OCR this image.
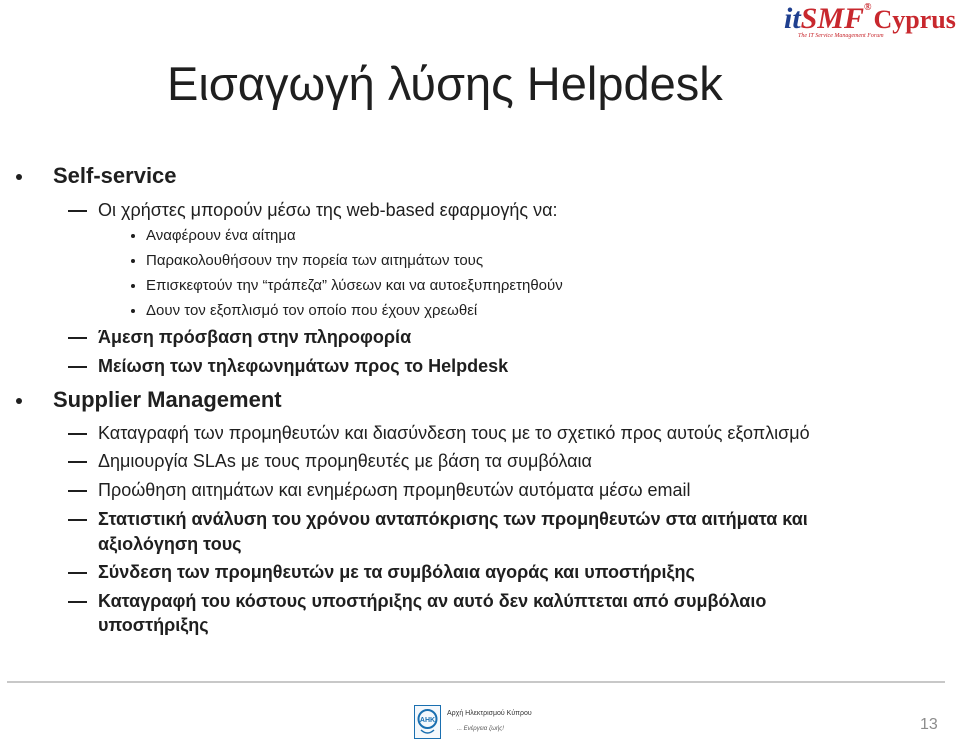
itSMF®Cyprus
The IT Service Management Forum
Εισαγωγή λύσης Helpdesk
Self-service
Οι χρήστες μπορούν μέσω της web-based εφαρμογής να:
Αναφέρουν ένα αίτημα
Παρακολουθήσουν την πορεία των αιτημάτων τους
Επισκεφτούν την “τράπεζα” λύσεων και να αυτοεξυπηρετηθούν
Δουν τον εξοπλισμό τον οποίο που έχουν χρεωθεί
Άμεση πρόσβαση στην πληροφορία
Μείωση των τηλεφωνημάτων προς το Helpdesk
Supplier Management
Καταγραφή των προμηθευτών και διασύνδεση τους με το σχετικό προς αυτούς εξοπλισμό
Δημιουργία SLAs με τους προμηθευτές με βάση τα συμβόλαια
Προώθηση αιτημάτων και ενημέρωση προμηθευτών αυτόματα μέσω email
Στατιστική ανάλυση του χρόνου ανταπόκρισης των προμηθευτών στα αιτήματα και
αξιολόγηση τους
Σύνδεση των προμηθευτών με τα συμβόλαια αγοράς και υποστήριξης
Καταγραφή του κόστους υποστήριξης αν αυτό δεν καλύπτεται από συμβόλαιο
υποστήριξης
AHK
Αρχή Ηλεκτρισμού Κύπρου
... Ενέργεια ζωής!	13
